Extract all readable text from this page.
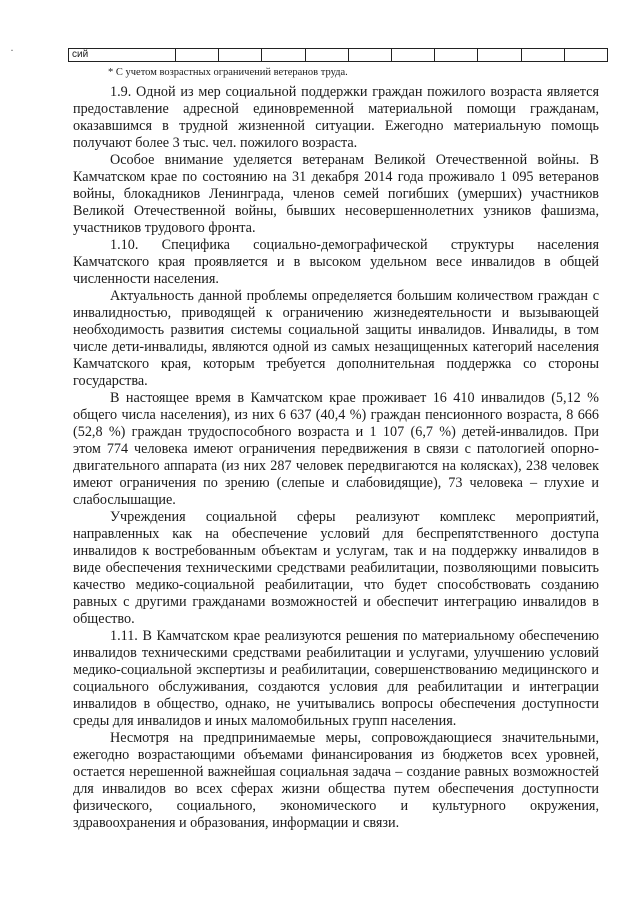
·	сий										
* С учетом возрастных ограничений ветеранов труда.

1.9. Одной из мер социальной поддержки граждан пожилого возраста является предоставление адресной единовременной материальной помощи гражданам, оказавшимся в трудной жизненной ситуации. Ежегодно материальную помощь получают более 3 тыс. чел. пожилого возраста.

Особое внимание уделяется ветеранам Великой Отечественной войны. В Камчатском крае по состоянию на 31 декабря 2014 года проживало 1 095 ветеранов войны, блокадников Ленинграда, членов семей погибших (умерших) участников Великой Отечественной войны, бывших несовершеннолетних узников фашизма, участников трудового фронта.

1.10. Специфика социально-демографической структуры населения Камчатского края проявляется и в высоком удельном весе инвалидов в общей численности населения.

Актуальность данной проблемы определяется большим количеством граждан с инвалидностью, приводящей к ограничению жизнедеятельности и вызывающей необходимость развития системы социальной защиты инвалидов. Инвалиды, в том числе дети-инвалиды, являются одной из самых незащищенных категорий населения Камчатского края, которым требуется дополнительная поддержка со стороны государства.

В настоящее время в Камчатском крае проживает 16 410 инвалидов (5,12 % общего числа населения), из них 6 637 (40,4 %) граждан пенсионного возраста, 8 666 (52,8 %) граждан трудоспособного возраста и 1 107 (6,7 %) детей-инвалидов. При этом 774 человека имеют ограничения передвижения в связи с патологией опорно-двигательного аппарата (из них 287 человек передвигаются на колясках), 238 человек имеют ограничения по зрению (слепые и слабовидящие), 73 человека – глухие и слабослышащие.

Учреждения социальной сферы реализуют комплекс мероприятий, направленных как на обеспечение условий для беспрепятственного доступа инвалидов к востребованным объектам и услугам, так и на поддержку инвалидов в виде обеспечения техническими средствами реабилитации, позволяющими повысить качество медико-социальной реабилитации, что будет способствовать созданию равных с другими гражданами возможностей и обеспечит интеграцию инвалидов в общество.

1.11. В Камчатском крае реализуются решения по материальному обеспечению инвалидов техническими средствами реабилитации и услугами, улучшению условий медико-социальной экспертизы и реабилитации, совершенствованию медицинского и социального обслуживания, создаются условия для реабилитации и интеграции инвалидов в общество, однако, не учитывались вопросы обеспечения доступности среды для инвалидов и иных маломобильных групп населения.

Несмотря на предпринимаемые меры, сопровождающиеся значительными, ежегодно возрастающими объемами финансирования из бюджетов всех уровней, остается нерешенной важнейшая социальная задача – создание равных возможностей для инвалидов во всех сферах жизни общества путем обеспечения доступности физического, социального, экономического и культурного окружения, здравоохранения и образования, информации и связи.
